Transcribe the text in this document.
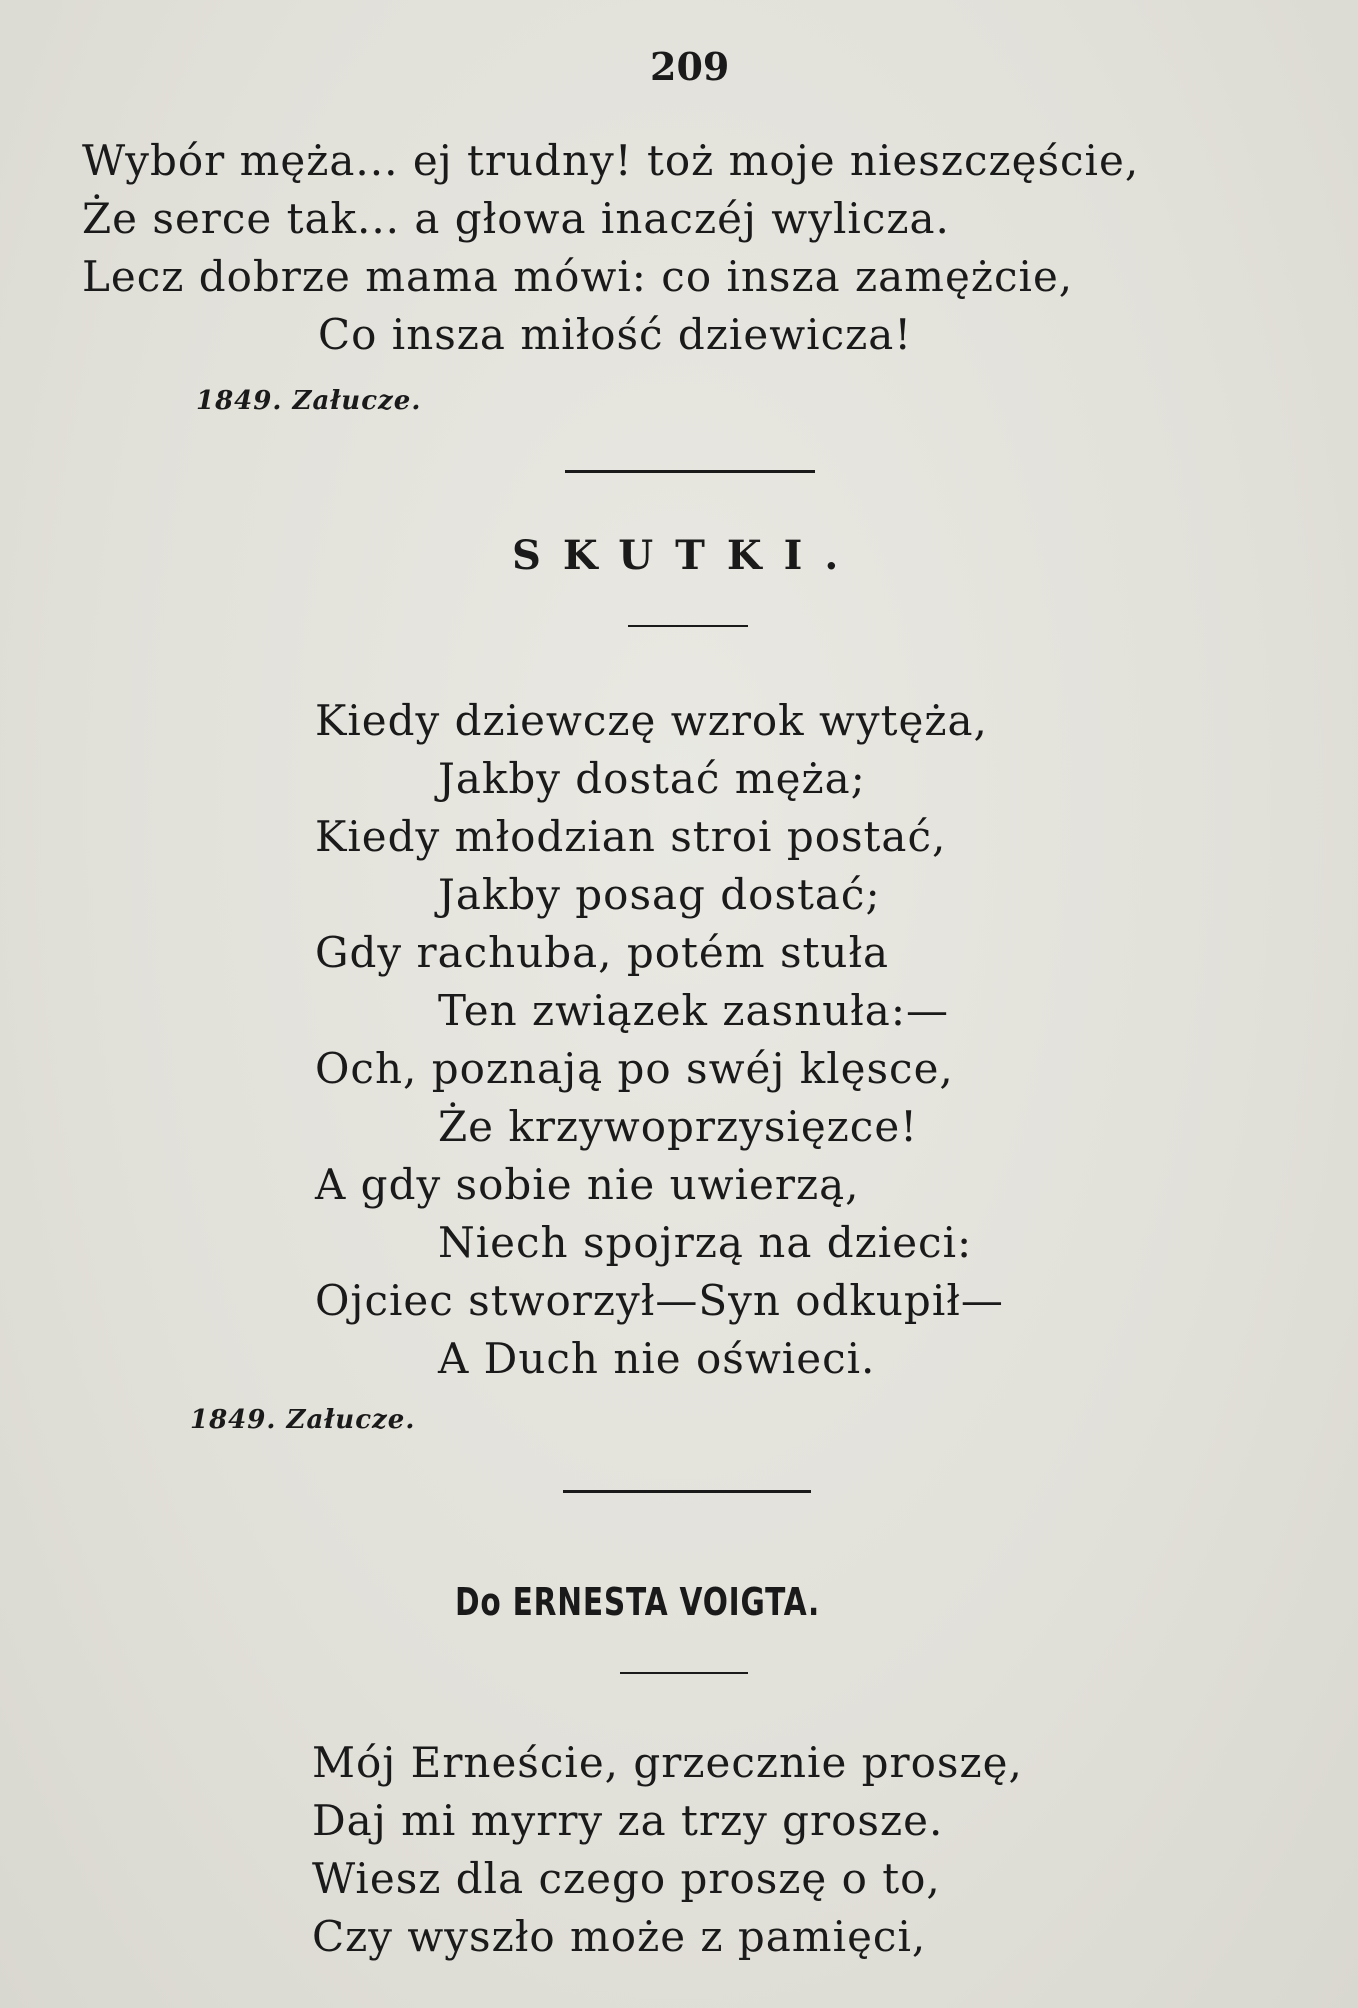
209
Wybór męża... ej trudny! toż moje nieszczęście,
Że serce tak... a głowa inaczéj wylicza.
Lecz dobrze mama mówi: co insza zamężcie,
Co insza miłość dziewicza!
1849. Załucze.
SKUTKI.
Kiedy dziewczę wzrok wytęża,
Jakby dostać męża;
Kiedy młodzian stroi postać,
Jakby posag dostać;
Gdy rachuba, potém stuła
Ten związek zasnuła:—
Och, poznają po swéj klęsce,
Że krzywoprzysięzce!
A gdy sobie nie uwierzą,
Niech spojrzą na dzieci:
Ojciec stworzył—Syn odkupił—
A Duch nie oświeci.
1849. Załucze.
Do ERNESTA VOIGTA.
Mój Erneście, grzecznie proszę,
Daj mi myrry za trzy grosze.
Wiesz dla czego proszę o to,
Czy wyszło może z pamięci,
